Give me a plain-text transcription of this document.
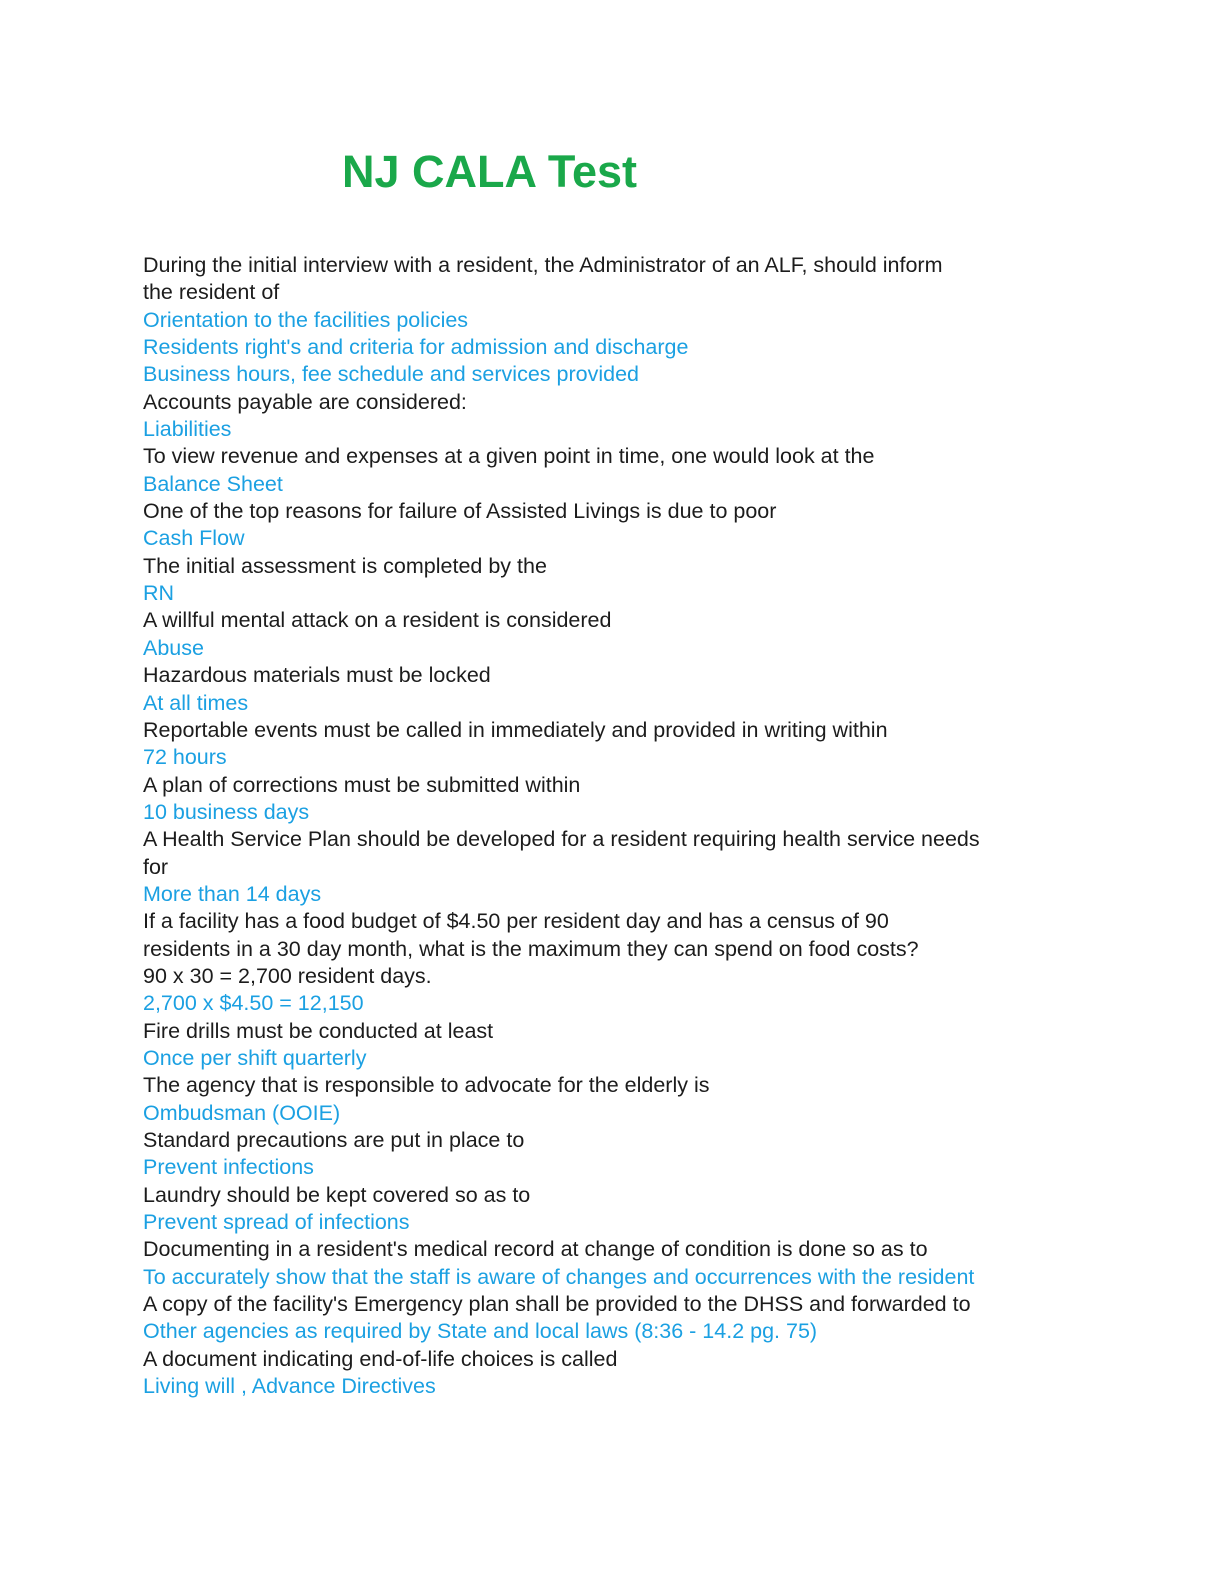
NJ CALA Test

During the initial interview with a resident, the Administrator of an ALF, should inform

the resident of

Orientation to the facilities policies

Residents right's and criteria for admission and discharge

Business hours, fee schedule and services provided

Accounts payable are considered:

Liabilities

To view revenue and expenses at a given point in time, one would look at the

Balance Sheet

One of the top reasons for failure of Assisted Livings is due to poor

Cash Flow

The initial assessment is completed by the

RN

A willful mental attack on a resident is considered

Abuse

Hazardous materials must be locked

At all times

Reportable events must be called in immediately and provided in writing within

72 hours

A plan of corrections must be submitted within

10 business days

A Health Service Plan should be developed for a resident requiring health service needs

for

More than 14 days

If a facility has a food budget of $4.50 per resident day and has a census of 90

residents in a 30 day month, what is the maximum they can spend on food costs?

90 x 30 = 2,700 resident days.

2,700 x $4.50 = 12,150

Fire drills must be conducted at least

Once per shift quarterly

The agency that is responsible to advocate for the elderly is

Ombudsman (OOIE)

Standard precautions are put in place to

Prevent infections

Laundry should be kept covered so as to

Prevent spread of infections

Documenting in a resident's medical record at change of condition is done so as to

To accurately show that the staff is aware of changes and occurrences with the resident

A copy of the facility's Emergency plan shall be provided to the DHSS and forwarded to

Other agencies as required by State and local laws (8:36 - 14.2 pg. 75)

A document indicating end-of-life choices is called

Living will , Advance Directives
